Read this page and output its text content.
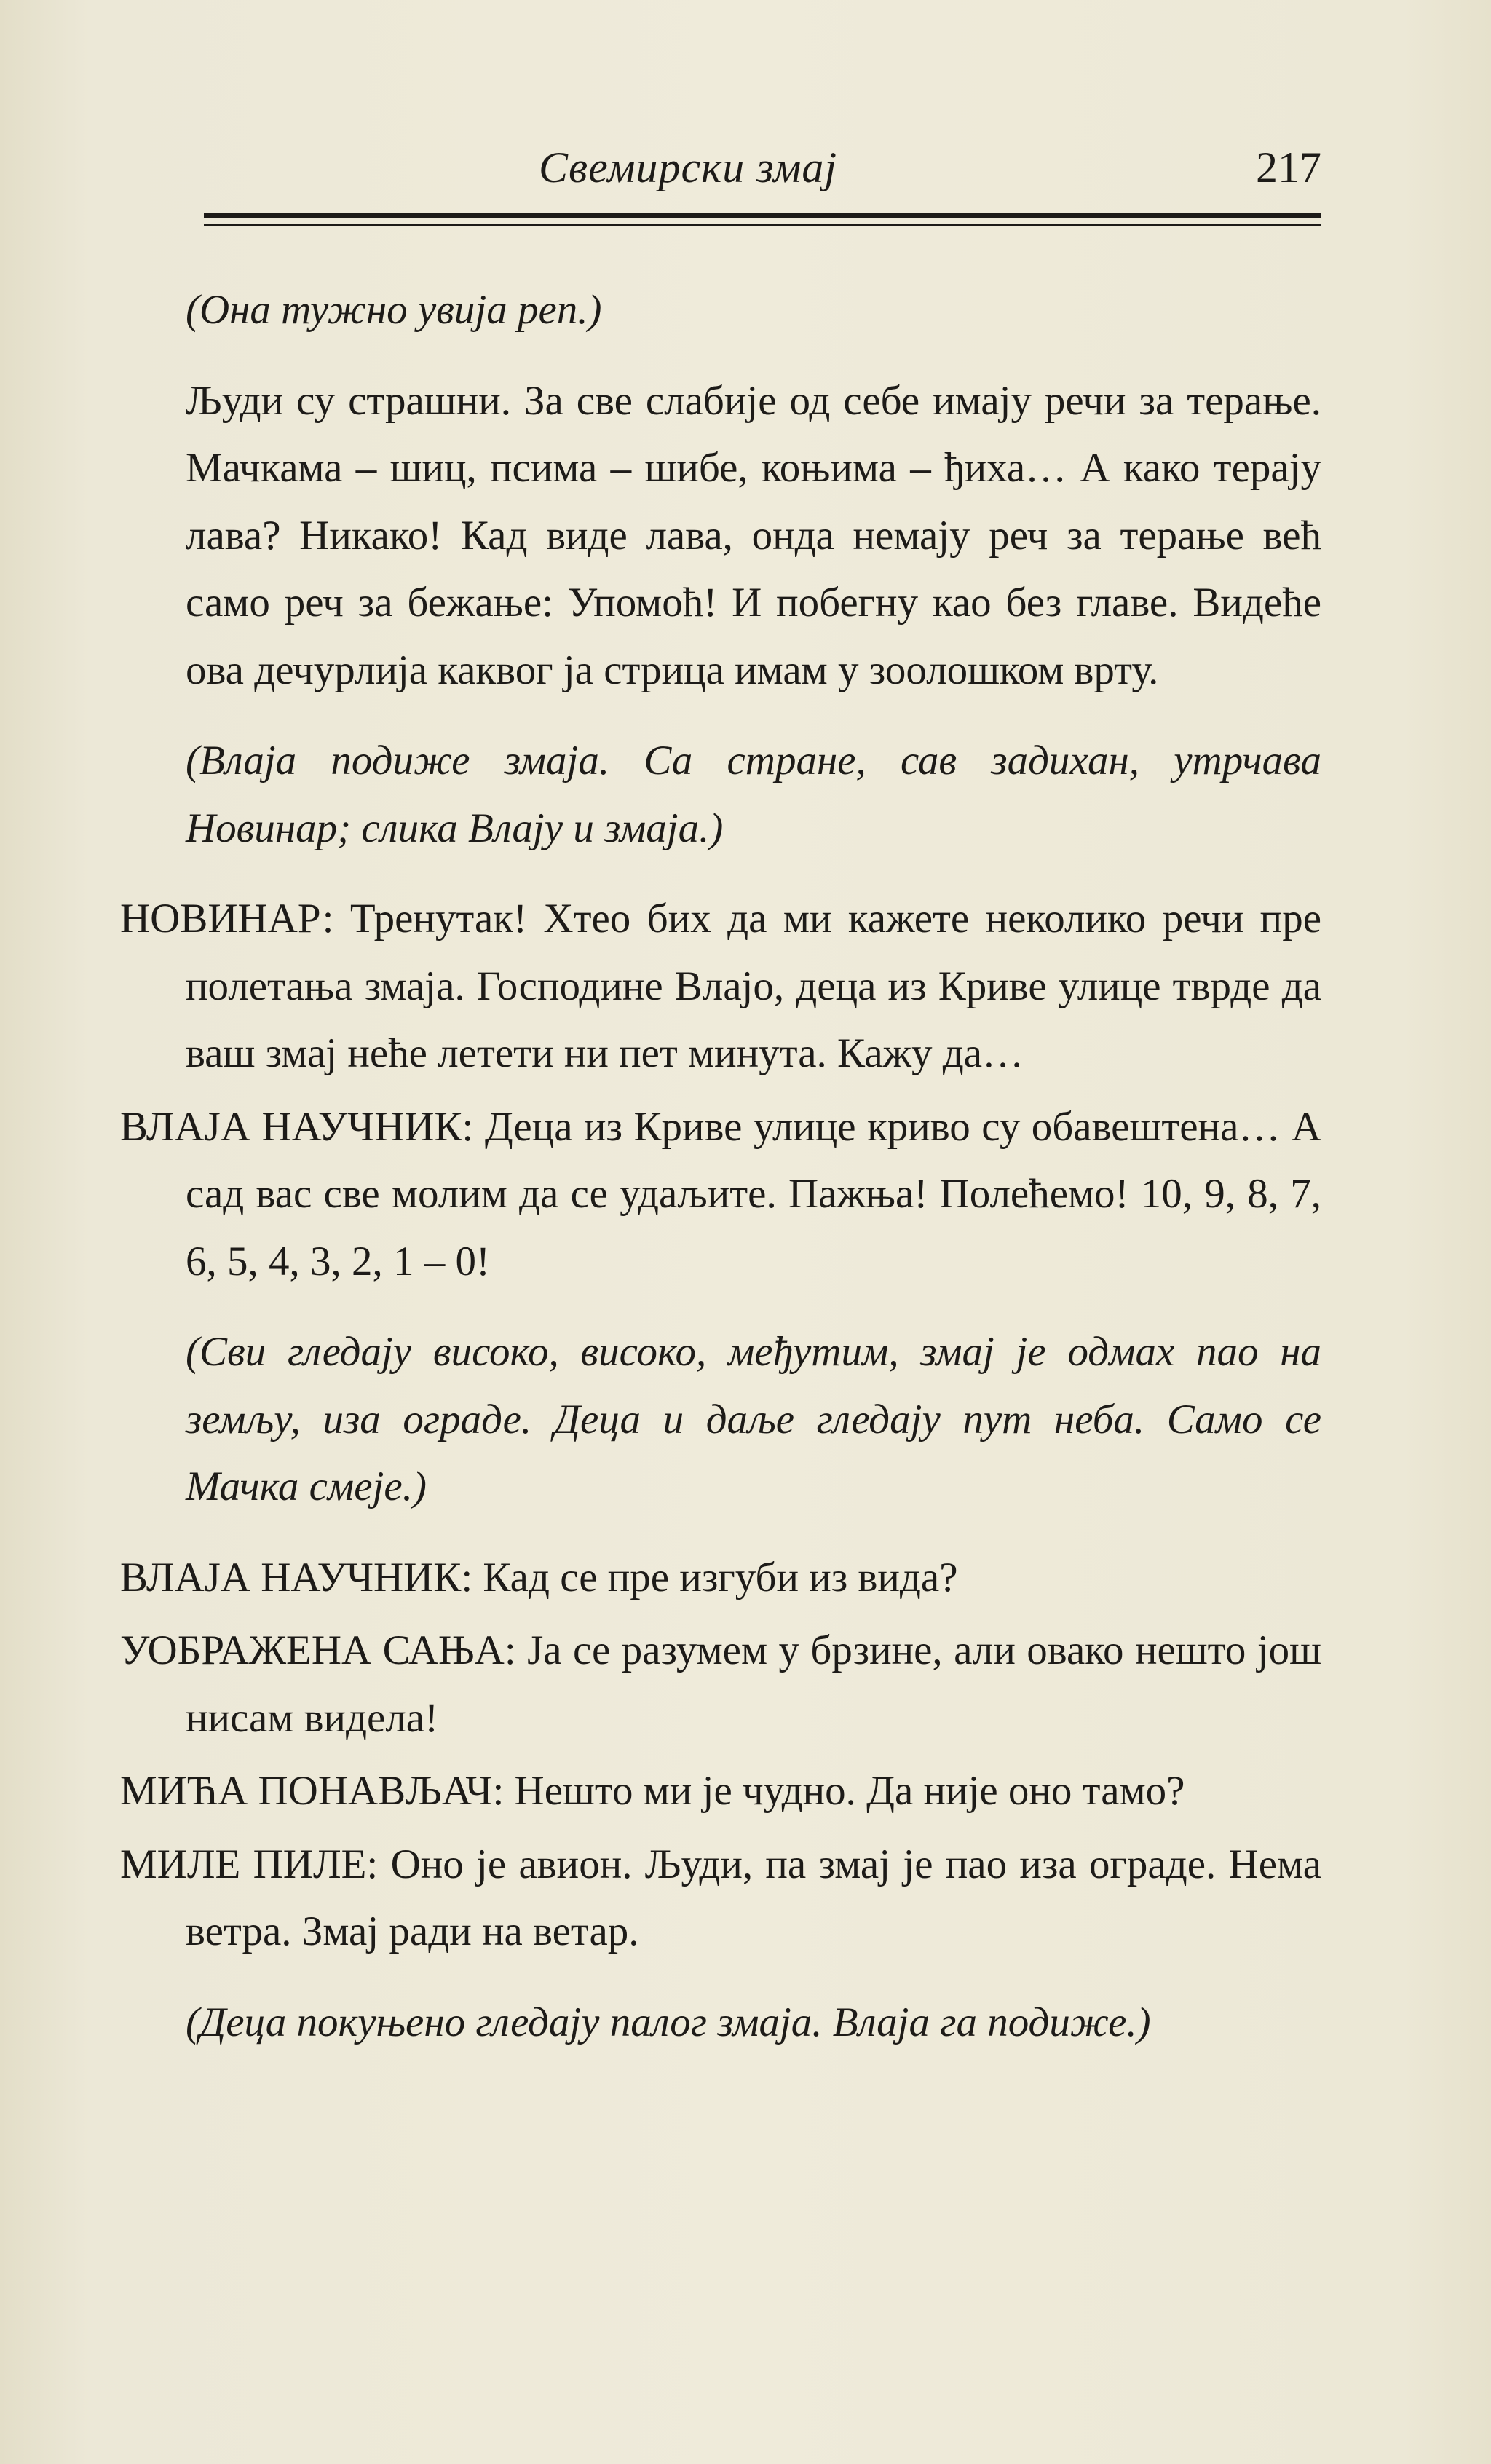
Свемирски змај	217

(Она тужно увија реп.)

Људи су страшни. За све слабије од себе имају речи за терање. Мачкама – шиц, псима – шибе, коњима – ђиха… А како терају лава? Никако! Кад виде лава, онда немају реч за терање већ само реч за бежање: Упомоћ! И побегну као без главе. Видеће ова дечурлија каквог ја стрица имам у зоолошком врту.

(Влаја подиже змаја. Са стране, сав задихан, утрчава Новинар; слика Влају и змаја.)

НОВИНАР: Тренутак! Хтео бих да ми кажете неколико речи пре полетања змаја. Господине Влајо, деца из Криве улице тврде да ваш змај неће летети ни пет минута. Кажу да…

ВЛАЈА НАУЧНИК: Деца из Криве улице криво су обавештена… А сад вас све молим да се удаљите. Пажња! Полећемо! 10, 9, 8, 7, 6, 5, 4, 3, 2, 1 – 0!

(Сви гледају високо, високо, међутим, змај је одмах пао на земљу, иза ограде. Деца и даље гледају пут неба. Само се Мачка смеје.)

ВЛАЈА НАУЧНИК: Кад се пре изгуби из вида?

УОБРАЖЕНА САЊА: Ја се разумем у брзине, али овако нешто још нисам видела!

МИЋА ПОНАВЉАЧ: Нешто ми је чудно. Да није оно тамо?

МИЛЕ ПИЛЕ: Оно је авион. Људи, па змај је пао иза ограде. Нема ветра. Змај ради на ветар.

(Деца покуњено гледају палог змаја. Влаја га подиже.)
